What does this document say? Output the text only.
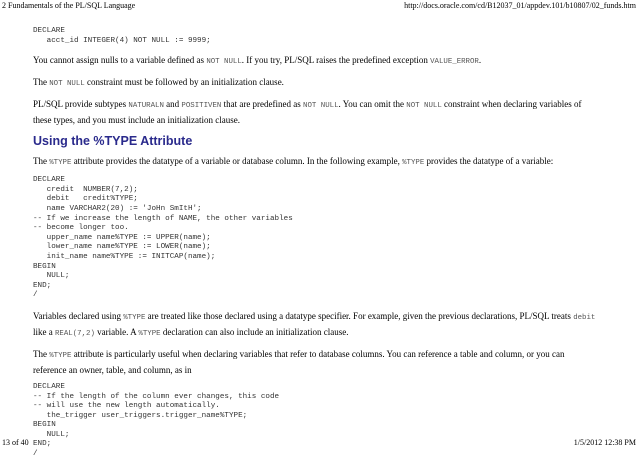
2 Fundamentals of the PL/SQL Language	http://docs.oracle.com/cd/B12037_01/appdev.101/b10807/02_funds.htm
DECLARE
acct_id INTEGER(4) NOT NULL := 9999;

You cannot assign nulls to a variable defined as NOT NULL. If you try, PL/SQL raises the predefined exception VALUE_ERROR.

The NOT NULL constraint must be followed by an initialization clause.

PL/SQL provide subtypes NATURALN and POSITIVEN that are predefined as NOT NULL. You can omit the NOT NULL constraint when declaring variables of
these types, and you must include an initialization clause.

Using the %TYPE Attribute

The %TYPE attribute provides the datatype of a variable or database column. In the following example, %TYPE provides the datatype of a variable:

DECLARE
credit  NUMBER(7,2);
debit   credit%TYPE;
name VARCHAR2(20) := 'JoHn SmItH';
-- If we increase the length of NAME, the other variables
-- become longer too.
upper_name name%TYPE := UPPER(name);
lower_name name%TYPE := LOWER(name);
init_name name%TYPE := INITCAP(name);
BEGIN
NULL;
END;
/

Variables declared using %TYPE are treated like those declared using a datatype specifier. For example, given the previous declarations, PL/SQL treats debit
like a REAL(7,2) variable. A %TYPE declaration can also include an initialization clause.

The %TYPE attribute is particularly useful when declaring variables that refer to database columns. You can reference a table and column, or you can
reference an owner, table, and column, as in

DECLARE
-- If the length of the column ever changes, this code
-- will use the new length automatically.
the_trigger user_triggers.trigger_name%TYPE;
BEGIN
NULL;
END;
/
13 of 40	1/5/2012 12:38 PM
